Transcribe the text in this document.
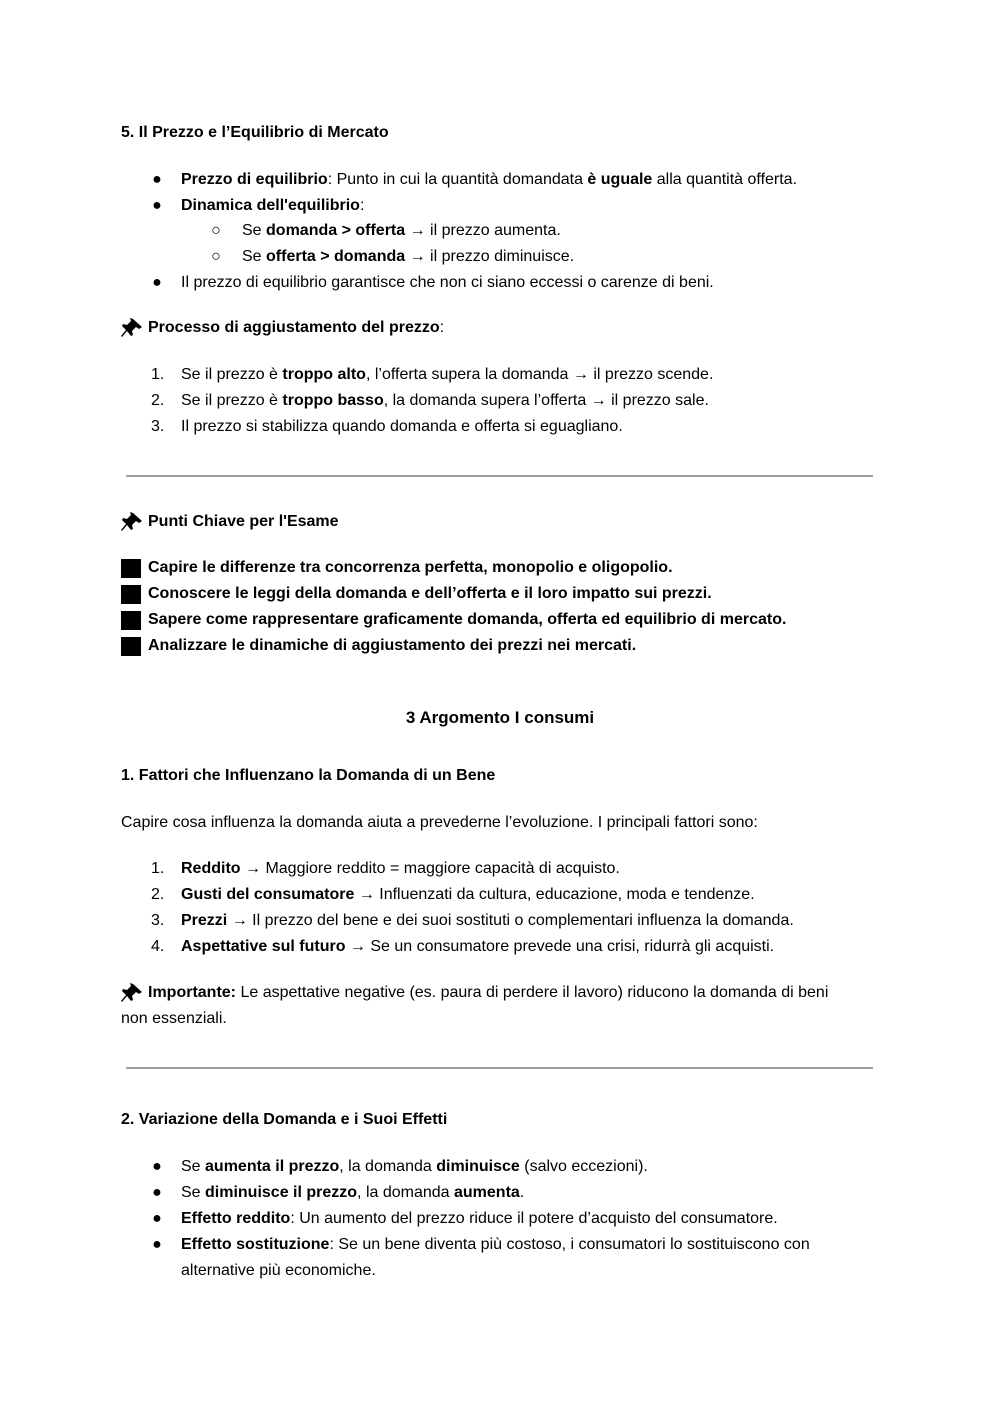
5. Il Prezzo e l’Equilibrio di Mercato
● Prezzo di equilibrio: Punto in cui la quantità domandata è uguale alla quantità offerta.
● Dinamica dell'equilibrio:
○ Se domanda > offerta → il prezzo aumenta.
○ Se offerta > domanda → il prezzo diminuisce.
● Il prezzo di equilibrio garantisce che non ci siano eccessi o carenze di beni.
Processo di aggiustamento del prezzo:
1. Se il prezzo è troppo alto, l’offerta supera la domanda → il prezzo scende.
2. Se il prezzo è troppo basso, la domanda supera l’offerta → il prezzo sale.
3. Il prezzo si stabilizza quando domanda e offerta si eguagliano.
Punti Chiave per l'Esame
Capire le differenze tra concorrenza perfetta, monopolio e oligopolio.
Conoscere le leggi della domanda e dell’offerta e il loro impatto sui prezzi.
Sapere come rappresentare graficamente domanda, offerta ed equilibrio di mercato.
Analizzare le dinamiche di aggiustamento dei prezzi nei mercati.
3 Argomento I consumi
1. Fattori che Influenzano la Domanda di un Bene
Capire cosa influenza la domanda aiuta a prevederne l’evoluzione. I principali fattori sono:
1. Reddito → Maggiore reddito = maggiore capacità di acquisto.
2. Gusti del consumatore → Influenzati da cultura, educazione, moda e tendenze.
3. Prezzi → Il prezzo del bene e dei suoi sostituti o complementari influenza la domanda.
4. Aspettative sul futuro → Se un consumatore prevede una crisi, ridurrà gli acquisti.
Importante: Le aspettative negative (es. paura di perdere il lavoro) riducono la domanda di beni
non essenziali.
2. Variazione della Domanda e i Suoi Effetti
● Se aumenta il prezzo, la domanda diminuisce (salvo eccezioni).
● Se diminuisce il prezzo, la domanda aumenta.
● Effetto reddito: Un aumento del prezzo riduce il potere d’acquisto del consumatore.
● Effetto sostituzione: Se un bene diventa più costoso, i consumatori lo sostituiscono con
alternative più economiche.
